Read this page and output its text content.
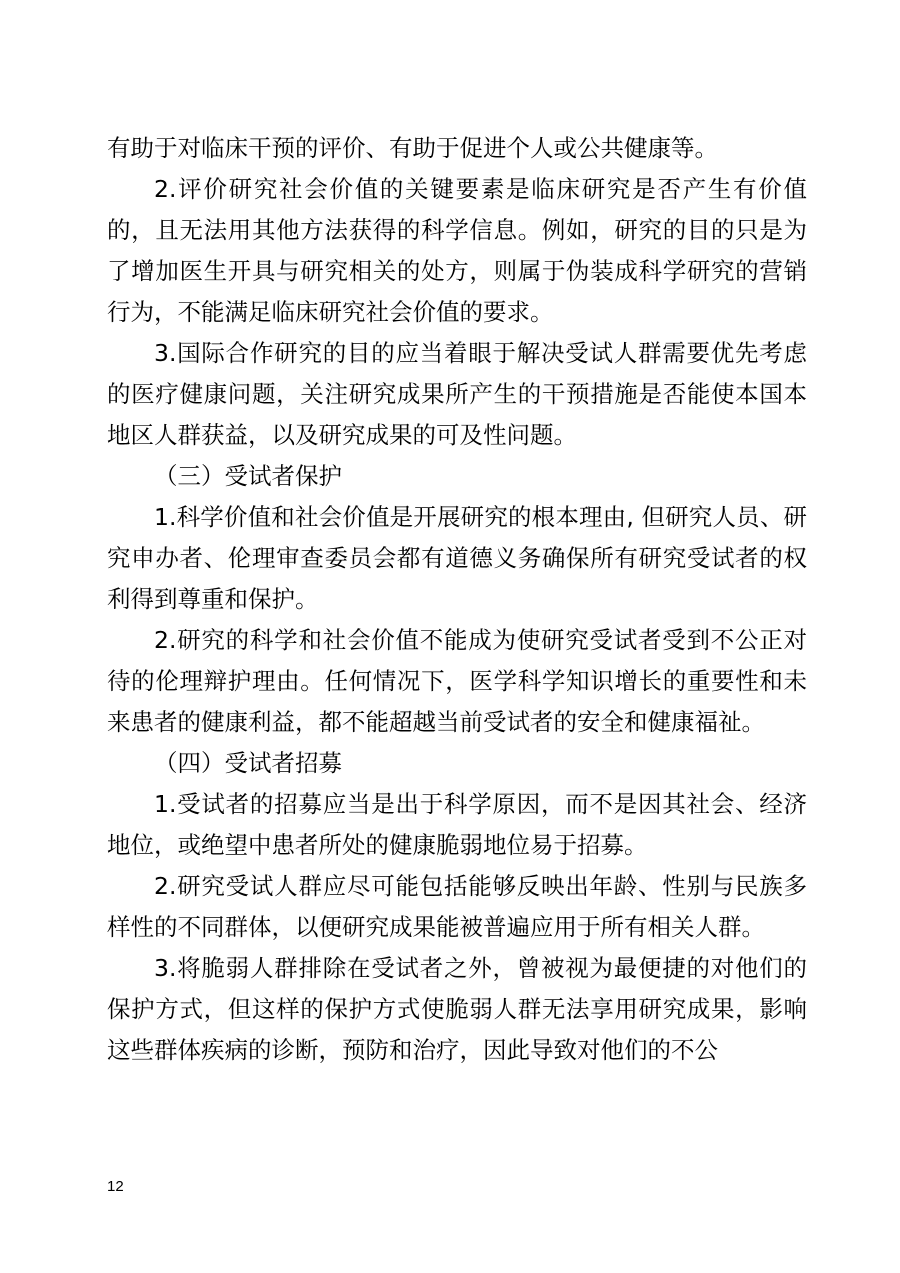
有助于对临床干预的评价、有助于促进个人或公共健康等。

2.评价研究社会价值的关键要素是临床研究是否产生有价值的，且无法用其他方法获得的科学信息。例如，研究的目的只是为了增加医生开具与研究相关的处方，则属于伪装成科学研究的营销行为，不能满足临床研究社会价值的要求。

3.国际合作研究的目的应当着眼于解决受试人群需要优先考虑的医疗健康问题，关注研究成果所产生的干预措施是否能使本国本地区人群获益，以及研究成果的可及性问题。

（三）受试者保护

1.科学价值和社会价值是开展研究的根本理由, 但研究人员、研究申办者、伦理审查委员会都有道德义务确保所有研究受试者的权利得到尊重和保护。

2.研究的科学和社会价值不能成为使研究受试者受到不公正对待的伦理辩护理由。任何情况下，医学科学知识增长的重要性和未来患者的健康利益，都不能超越当前受试者的安全和健康福祉。

（四）受试者招募

1.受试者的招募应当是出于科学原因，而不是因其社会、经济地位，或绝望中患者所处的健康脆弱地位易于招募。

2.研究受试人群应尽可能包括能够反映出年龄、性别与民族多样性的不同群体，以便研究成果能被普遍应用于所有相关人群。

3.将脆弱人群排除在受试者之外，曾被视为最便捷的对他们的保护方式，但这样的保护方式使脆弱人群无法享用研究成果，影响这些群体疾病的诊断，预防和治疗，因此导致对他们的不公

12
